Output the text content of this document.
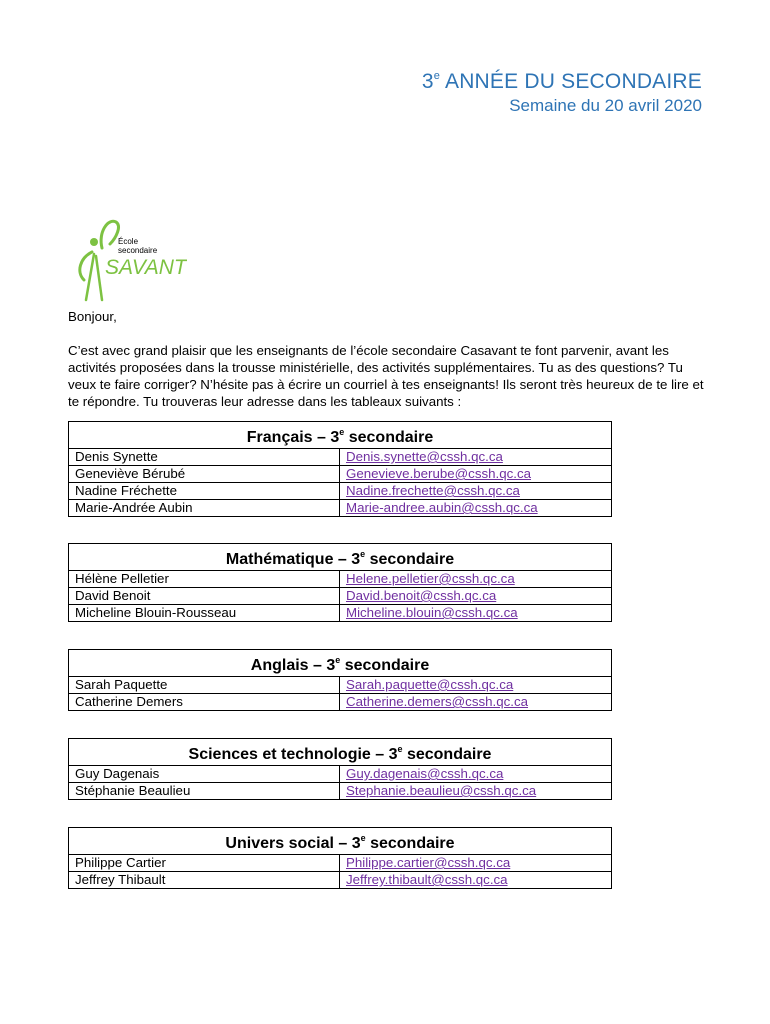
3e ANNÉE DU SECONDAIRE
Semaine du 20 avril 2020
École
secondaire
SAVANT

Bonjour,

C’est avec grand plaisir que les enseignants de l’école secondaire Casavant te font parvenir, avant les activités proposées dans la trousse ministérielle, des activités supplémentaires. Tu as des questions? Tu veux te faire corriger? N’hésite pas à écrire un courriel à tes enseignants! Ils seront très heureux de te lire et te répondre. Tu trouveras leur adresse dans les tableaux suivants :

Français – 3e secondaire	
Denis Synette	Denis.synette@cssh.qc.ca
Geneviève Bérubé	Genevieve.berube@cssh.qc.ca
Nadine Fréchette	Nadine.frechette@cssh.qc.ca
Marie-Andrée Aubin	Marie-andree.aubin@cssh.qc.ca
Mathématique – 3e secondaire	
Hélène Pelletier	Helene.pelletier@cssh.qc.ca
David Benoit	David.benoit@cssh.qc.ca
Micheline Blouin-Rousseau	Micheline.blouin@cssh.qc.ca
Anglais – 3e secondaire	
Sarah Paquette	Sarah.paquette@cssh.qc.ca
Catherine Demers	Catherine.demers@cssh.qc.ca
Sciences et technologie – 3e secondaire	
Guy Dagenais	Guy.dagenais@cssh.qc.ca
Stéphanie Beaulieu	Stephanie.beaulieu@cssh.qc.ca
Univers social – 3e secondaire	
Philippe Cartier	Philippe.cartier@cssh.qc.ca
Jeffrey Thibault	Jeffrey.thibault@cssh.qc.ca
